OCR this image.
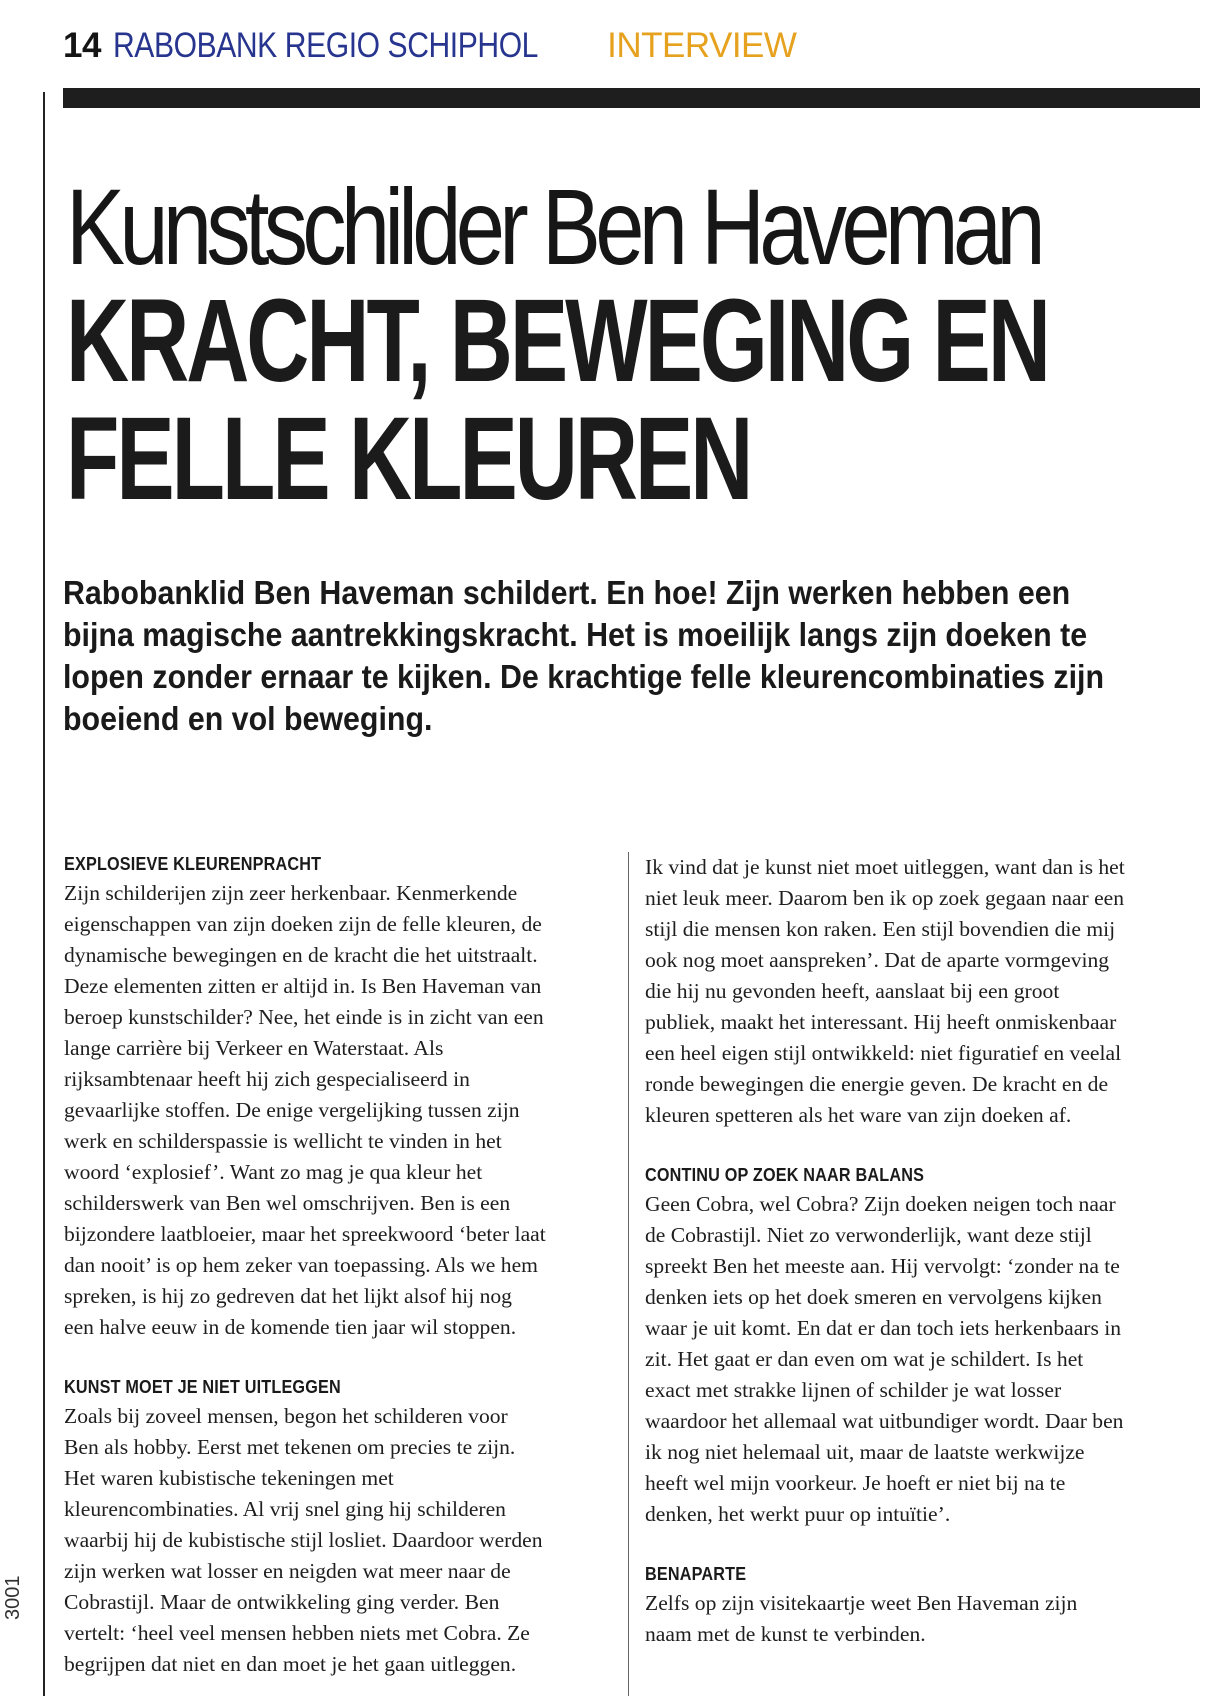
14 RABOBANK REGIO SCHIPHOL INTERVIEW
Kunstschilder Ben Haveman
KRACHT, BEWEGING EN
FELLE KLEUREN
Rabobanklid Ben Haveman schildert. En hoe! Zijn werken hebben een
bijna magische aantrekkingskracht. Het is moeilijk langs zijn doeken te
lopen zonder ernaar te kijken. De krachtige felle kleurencombinaties zijn
boeiend en vol beweging.
EXPLOSIEVE KLEURENPRACHT
Zijn schilderijen zijn zeer herkenbaar. Kenmerkende
eigenschappen van zijn doeken zijn de felle kleuren, de
dynamische bewegingen en de kracht die het uitstraalt.
Deze elementen zitten er altijd in. Is Ben Haveman van
beroep kunstschilder? Nee, het einde is in zicht van een
lange carrière bij Verkeer en Waterstaat. Als
rijksambtenaar heeft hij zich gespecialiseerd in
gevaarlijke stoffen. De enige vergelijking tussen zijn
werk en schilderspassie is wellicht te vinden in het
woord ‘explosief’. Want zo mag je qua kleur het
schilderswerk van Ben wel omschrijven. Ben is een
bijzondere laatbloeier, maar het spreekwoord ‘beter laat
dan nooit’ is op hem zeker van toepassing. Als we hem
spreken, is hij zo gedreven dat het lijkt alsof hij nog
een halve eeuw in de komende tien jaar wil stoppen.
KUNST MOET JE NIET UITLEGGEN
Zoals bij zoveel mensen, begon het schilderen voor
Ben als hobby. Eerst met tekenen om precies te zijn.
Het waren kubistische tekeningen met
kleurencombinaties. Al vrij snel ging hij schilderen
waarbij hij de kubistische stijl losliet. Daardoor werden
zijn werken wat losser en neigden wat meer naar de
Cobrastijl. Maar de ontwikkeling ging verder. Ben
vertelt: ‘heel veel mensen hebben niets met Cobra. Ze
begrijpen dat niet en dan moet je het gaan uitleggen.
Ik vind dat je kunst niet moet uitleggen, want dan is het
niet leuk meer. Daarom ben ik op zoek gegaan naar een
stijl die mensen kon raken. Een stijl bovendien die mij
ook nog moet aanspreken’. Dat de aparte vormgeving
die hij nu gevonden heeft, aanslaat bij een groot
publiek, maakt het interessant. Hij heeft onmiskenbaar
een heel eigen stijl ontwikkeld: niet figuratief en veelal
ronde bewegingen die energie geven. De kracht en de
kleuren spetteren als het ware van zijn doeken af.
CONTINU OP ZOEK NAAR BALANS
Geen Cobra, wel Cobra? Zijn doeken neigen toch naar
de Cobrastijl. Niet zo verwonderlijk, want deze stijl
spreekt Ben het meeste aan. Hij vervolgt: ‘zonder na te
denken iets op het doek smeren en vervolgens kijken
waar je uit komt. En dat er dan toch iets herkenbaars in
zit. Het gaat er dan even om wat je schildert. Is het
exact met strakke lijnen of schilder je wat losser
waardoor het allemaal wat uitbundiger wordt. Daar ben
ik nog niet helemaal uit, maar de laatste werkwijze
heeft wel mijn voorkeur. Je hoeft er niet bij na te
denken, het werkt puur op intuïtie’.
BENAPARTE
Zelfs op zijn visitekaartje weet Ben Haveman zijn
naam met de kunst te verbinden.
3001
